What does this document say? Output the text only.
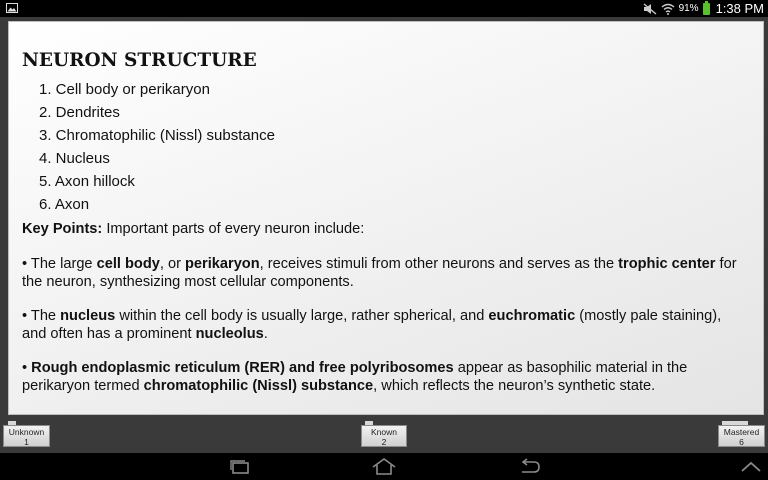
91% 1:38 PM
NEURON STRUCTURE
1. Cell body or perikaryon
2. Dendrites
3. Chromatophilic (Nissl) substance
4. Nucleus
5. Axon hillock
6. Axon

Key Points: Important parts of every neuron include:

• The large cell body, or perikaryon, receives stimuli from other neurons and serves as the trophic center for the neuron, synthesizing most cellular components.

• The nucleus within the cell body is usually large, rather spherical, and euchromatic (mostly pale staining), and often has a prominent nucleolus.

• Rough endoplasmic reticulum (RER) and free polyribosomes appear as basophilic material in the perikaryon termed chromatophilic (Nissl) substance, which reflects the neuron’s synthetic state.

Unknown
1
Known
2
Mastered
6
